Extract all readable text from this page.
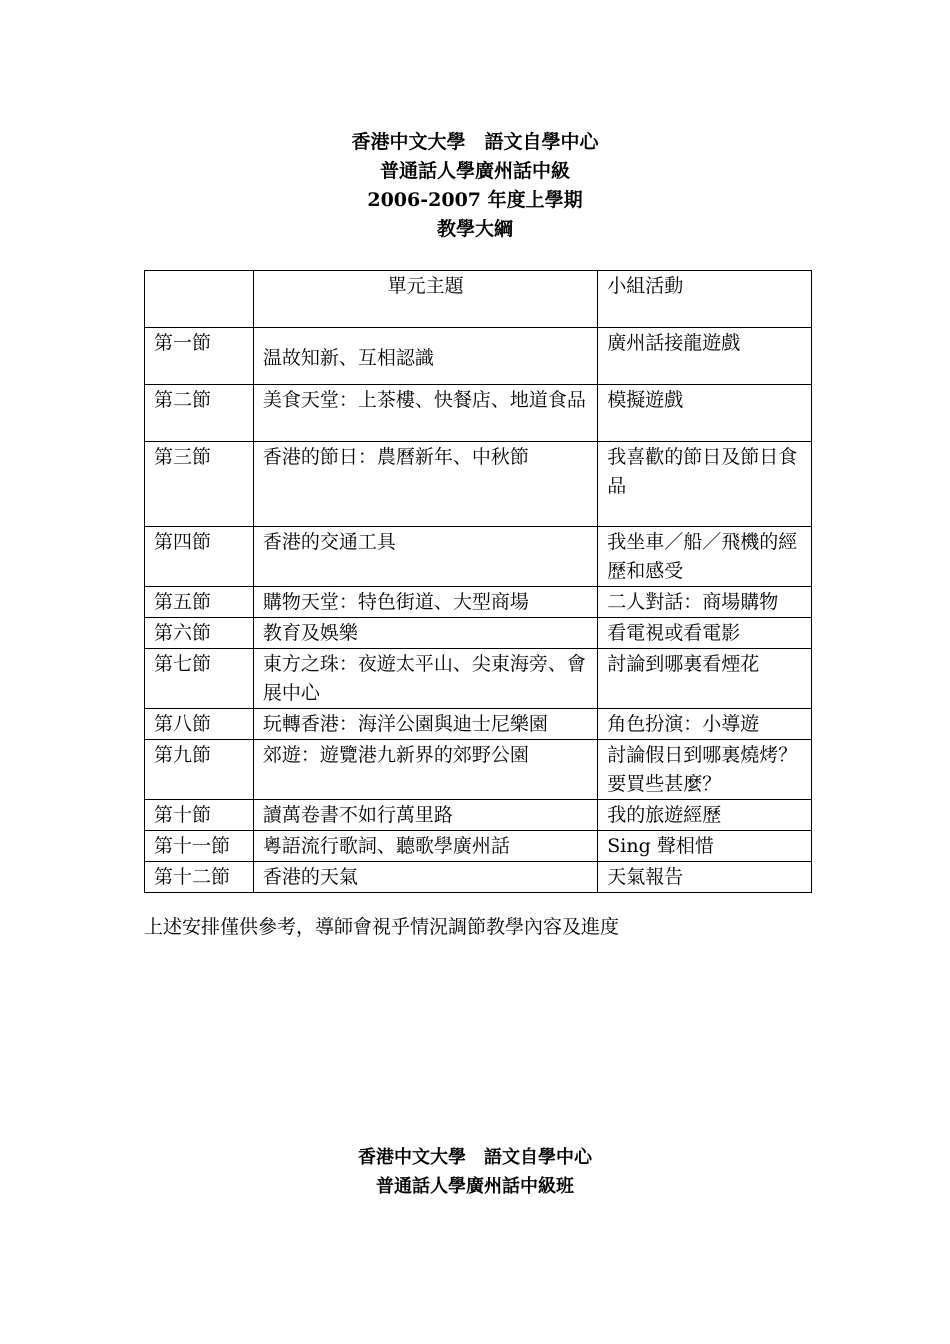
香港中文大學　語文自學中心
普通話人學廣州話中級
2006-2007 年度上學期
教學大綱
	單元主題	小組活動
第一節	温故知新、互相認識	廣州話接龍遊戲
第二節	美食天堂：上茶樓、快餐店、地道食品	模擬遊戲
第三節	香港的節日：農曆新年、中秋節	我喜歡的節日及節日食品
第四節	香港的交通工具	我坐車／船／飛機的經歷和感受
第五節	購物天堂：特色街道、大型商場	二人對話：商場購物
第六節	教育及娛樂	看電視或看電影
第七節	東方之珠：夜遊太平山、尖東海旁、會展中心	討論到哪裏看煙花
第八節	玩轉香港：海洋公園與迪士尼樂園	角色扮演：小導遊
第九節	郊遊：遊覽港九新界的郊野公園	討論假日到哪裏燒烤？要買些甚麼？
第十節	讀萬卷書不如行萬里路	我的旅遊經歷
第十一節	粵語流行歌詞、聽歌學廣州話	Sing 聲相惜
第十二節	香港的天氣	天氣報告
上述安排僅供參考，導師會視乎情況調節教學內容及進度
香港中文大學　語文自學中心
普通話人學廣州話中級班
